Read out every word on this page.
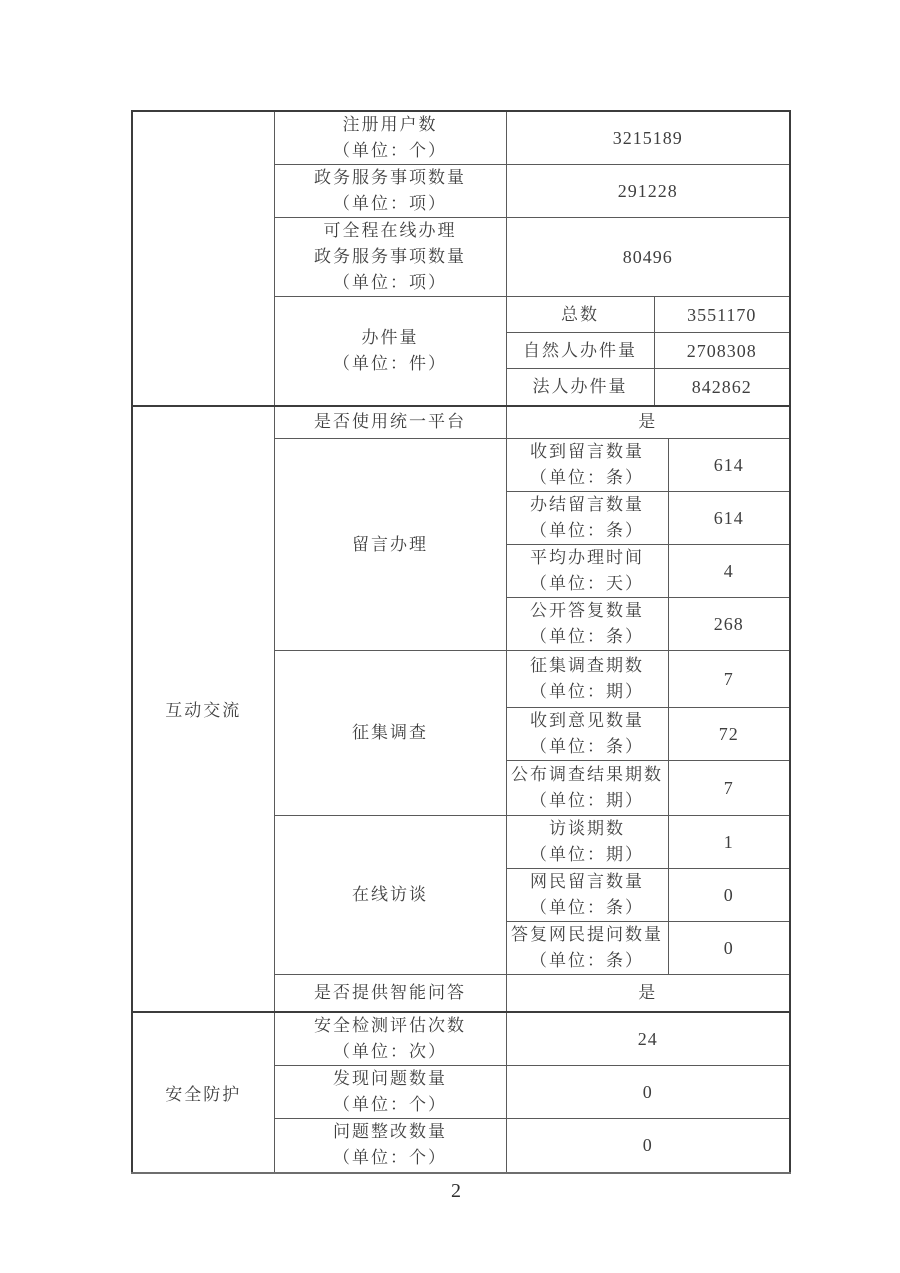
	注册用户数
（单位：个）	3215189		

	政务服务事项数量
（单位：项）	291228		

	可全程在线办理
政务服务事项数量
（单位：项）	80496		

	办件量
（单位：件）	总数	3551170	

		自然人办件量	2708308	

		法人办件量	842862	

互动交流	是否使用统一平台	是		

	留言办理	收到留言数量
（单位：条）		614

		办结留言数量
（单位：条）		614

		平均办理时间
（单位：天）		4

		公开答复数量
（单位：条）		268

	征集调查	征集调查期数
（单位：期）		7

		收到意见数量
（单位：条）		72

		公布调查结果期数
（单位：期）		7

	在线访谈	访谈期数
（单位：期）		1

		网民留言数量
（单位：条）		0

		答复网民提问数量
（单位：条）		0

	是否提供智能问答	是		

安全防护	安全检测评估次数
（单位：次）	24		

	发现问题数量
（单位：个）	0		

	问题整改数量
（单位：个）	0		
2
